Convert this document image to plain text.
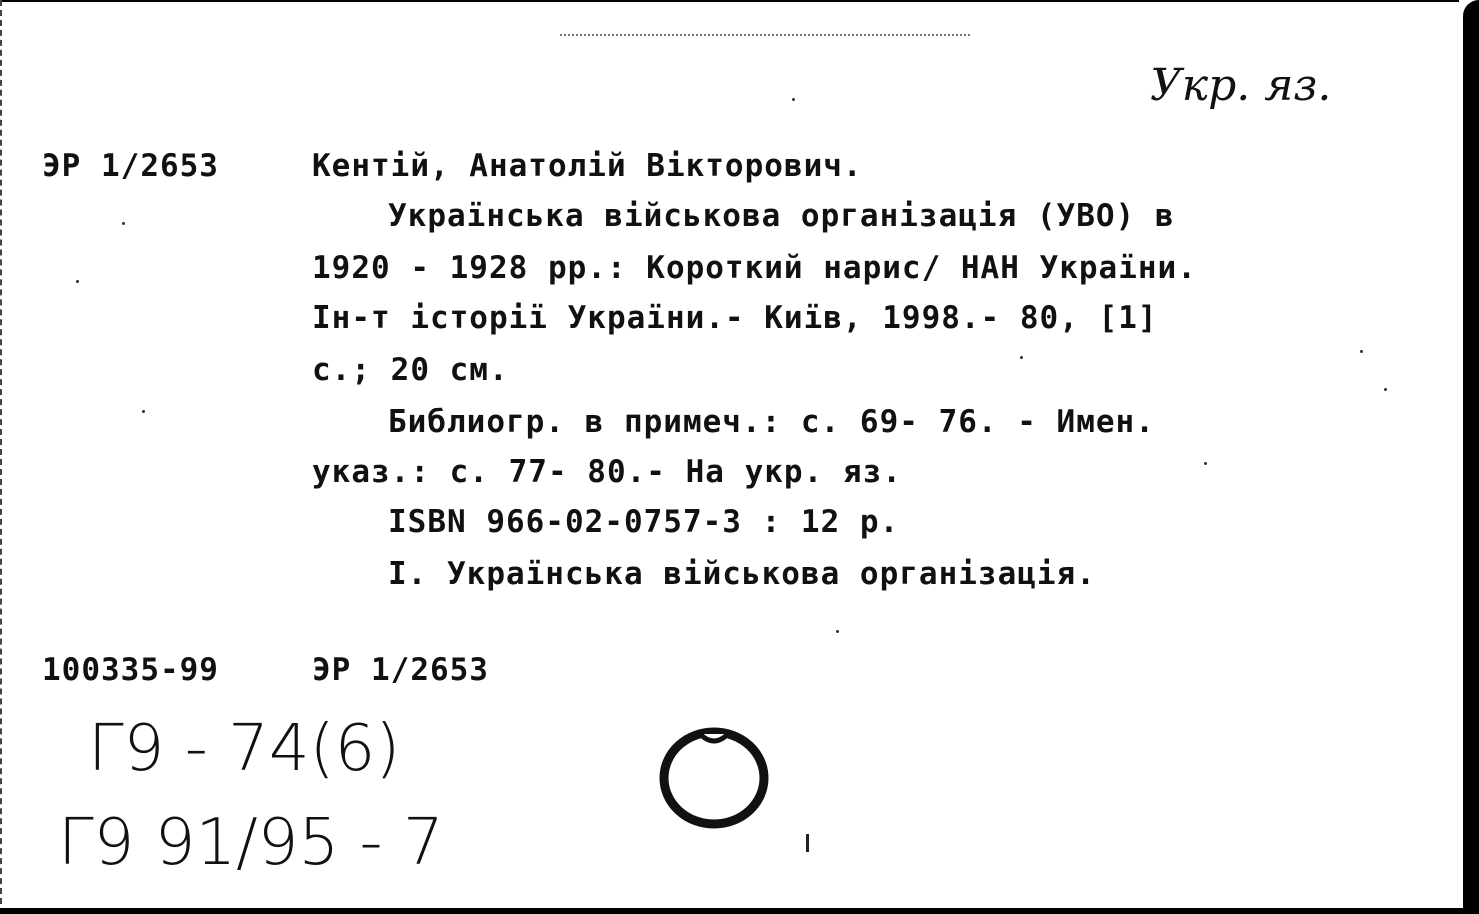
Укр. яз.
ЭР 1/2653	Кентій, Анатолій Вікторович.
Українська військова організація (УВО) в
1920 - 1928 рр.: Короткий нарис/ НАН України.
Ін-т історії України.- Київ, 1998.- 80, [1]
с.; 20 см.
Библиогр. в примеч.: с. 69- 76. - Имен.
указ.: с. 77- 80.- На укр. яз.
ISBN 966-02-0757-3 : 12 р.
I. Українська військова організація.
100335-99	ЭР 1/2653
Г9 - 74(6)
Г9 91/95 - 7
